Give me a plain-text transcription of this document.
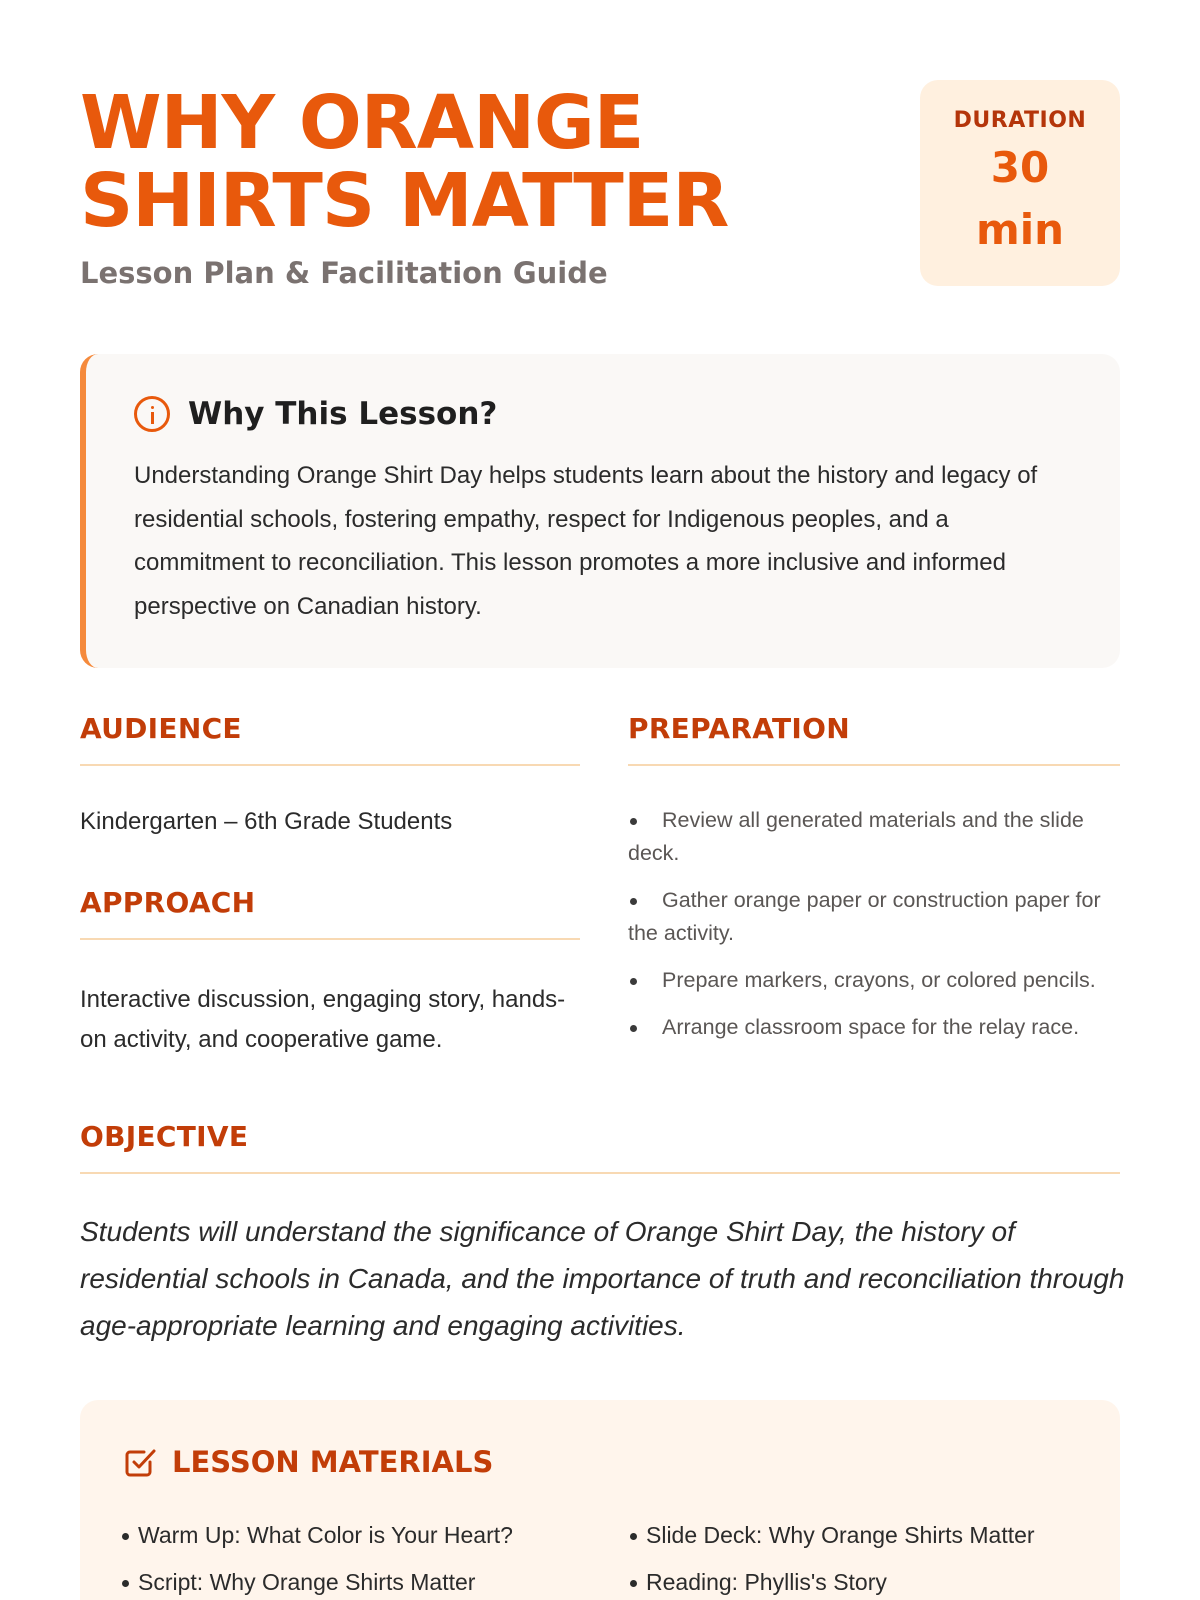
WHY ORANGE SHIRTS MATTER
Lesson Plan & Facilitation Guide
DURATION
30 min
Why This Lesson?

Understanding Orange Shirt Day helps students learn about the history and legacy of residential schools, fostering empathy, respect for Indigenous peoples, and a commitment to reconciliation. This lesson promotes a more inclusive and informed perspective on Canadian history.

AUDIENCE
Kindergarten – 6th Grade Students
APPROACH
Interactive discussion, engaging story, hands-on activity, and cooperative game.
PREPARATION
Review all generated materials and the slide deck.
Gather orange paper or construction paper for the activity.
Prepare markers, crayons, or colored pencils.
Arrange classroom space for the relay race.
OBJECTIVE

Students will understand the significance of Orange Shirt Day, the history of residential schools in Canada, and the importance of truth and reconciliation through age-appropriate learning and engaging activities.

LESSON MATERIALS
Warm Up: What Color is Your Heart?
Script: Why Orange Shirts Matter
Slide Deck: Why Orange Shirts Matter
Reading: Phyllis's Story
